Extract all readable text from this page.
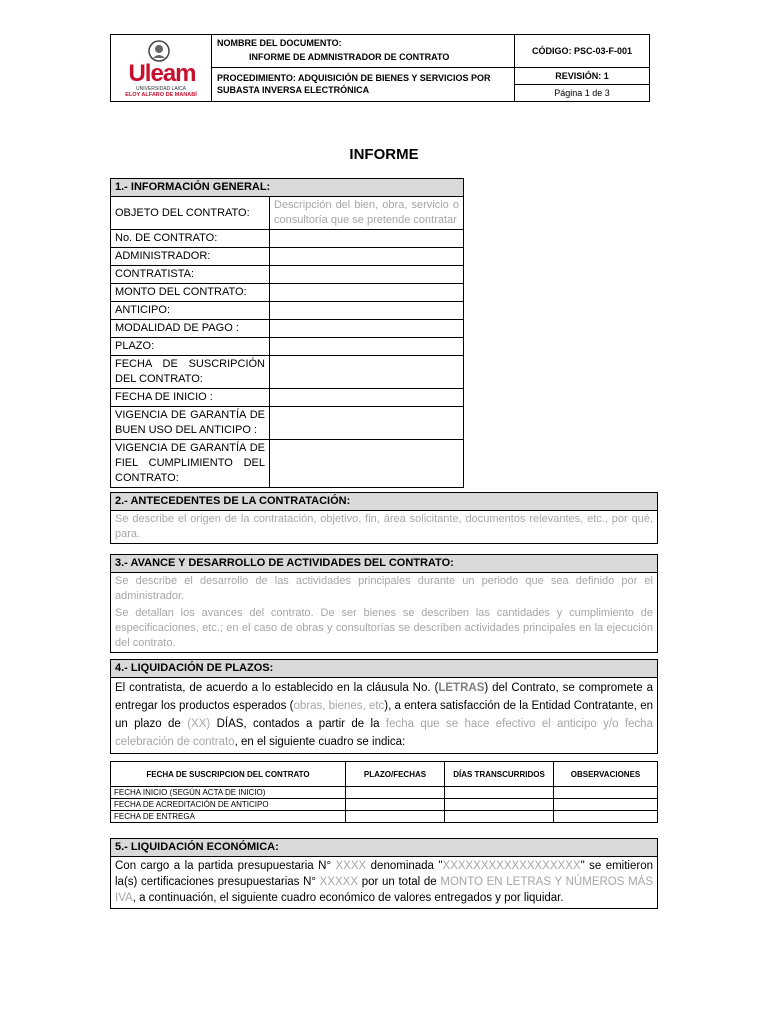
Uleam
UNIVERSIDAD LAICA
ELOY ALFARO DE MANABÍ
NOMBRE DEL DOCUMENTO:
INFORME DE ADMNISTRADOR DE CONTRATO
PROCEDIMIENTO: ADQUISICIÓN DE BIENES Y SERVICIOS POR SUBASTA INVERSA ELECTRÓNICA
CÓDIGO: PSC-03-F-001
REVISIÓN: 1
Página 1 de 3
INFORME
1.- INFORMACIÓN GENERAL:	
OBJETO DEL CONTRATO:	Descripción del bien, obra, servicio o consultoría que se pretende contratar
No. DE CONTRATO:	
ADMINISTRADOR:	
CONTRATISTA:	
MONTO DEL CONTRATO:	
ANTICIPO:	
MODALIDAD DE PAGO :	
PLAZO:	
FECHA DE SUSCRIPCIÓN DEL CONTRATO:	
FECHA DE INICIO :	
VIGENCIA DE GARANTÍA DE BUEN USO DEL ANTICIPO :	
VIGENCIA DE GARANTÍA DE FIEL CUMPLIMIENTO DEL CONTRATO:	
2.- ANTECEDENTES DE LA CONTRATACIÓN:
Se describe el origen de la contratación, objetivo, fin, área solicitante, documentos relevantes, etc., por qué, para.
3.- AVANCE Y DESARROLLO DE ACTIVIDADES DEL CONTRATO:
Se describe el desarrollo de las actividades principales durante un periodo que sea definido por el administrador.
Se detallan los avances del contrato. De ser bienes se describen las cantidades y cumplimiento de especificaciones, etc.; en el caso de obras y consultorías se describen actividades principales en la ejecución del contrato.
4.- LIQUIDACIÓN DE PLAZOS:
El contratista, de acuerdo a lo establecido en la cláusula No. (LETRAS) del Contrato, se compromete a entregar los productos esperados (obras, bienes, etc), a entera satisfacción de la Entidad Contratante, en un plazo de (XX) DÍAS, contados a partir de la fecha que se hace efectivo el anticipo y/o fecha celebración de contrato, en el siguiente cuadro se indica:
FECHA DE SUSCRIPCION DEL CONTRATO	PLAZO/FECHAS	DÍAS TRANSCURRIDOS	OBSERVACIONES
FECHA INICIO (SEGÚN ACTA DE INICIO)			
FECHA DE ACREDITACIÓN DE ANTICIPO			
FECHA DE ENTREGA			
5.- LIQUIDACIÓN ECONÓMICA:
Con cargo a la partida presupuestaria N° XXXX denominada "XXXXXXXXXXXXXXXXXX" se emitieron la(s) certificaciones presupuestarias N° XXXXX por un total de MONTO EN LETRAS Y NÚMEROS MÁS IVA, a continuación, el siguiente cuadro económico de valores entregados y por liquidar.
